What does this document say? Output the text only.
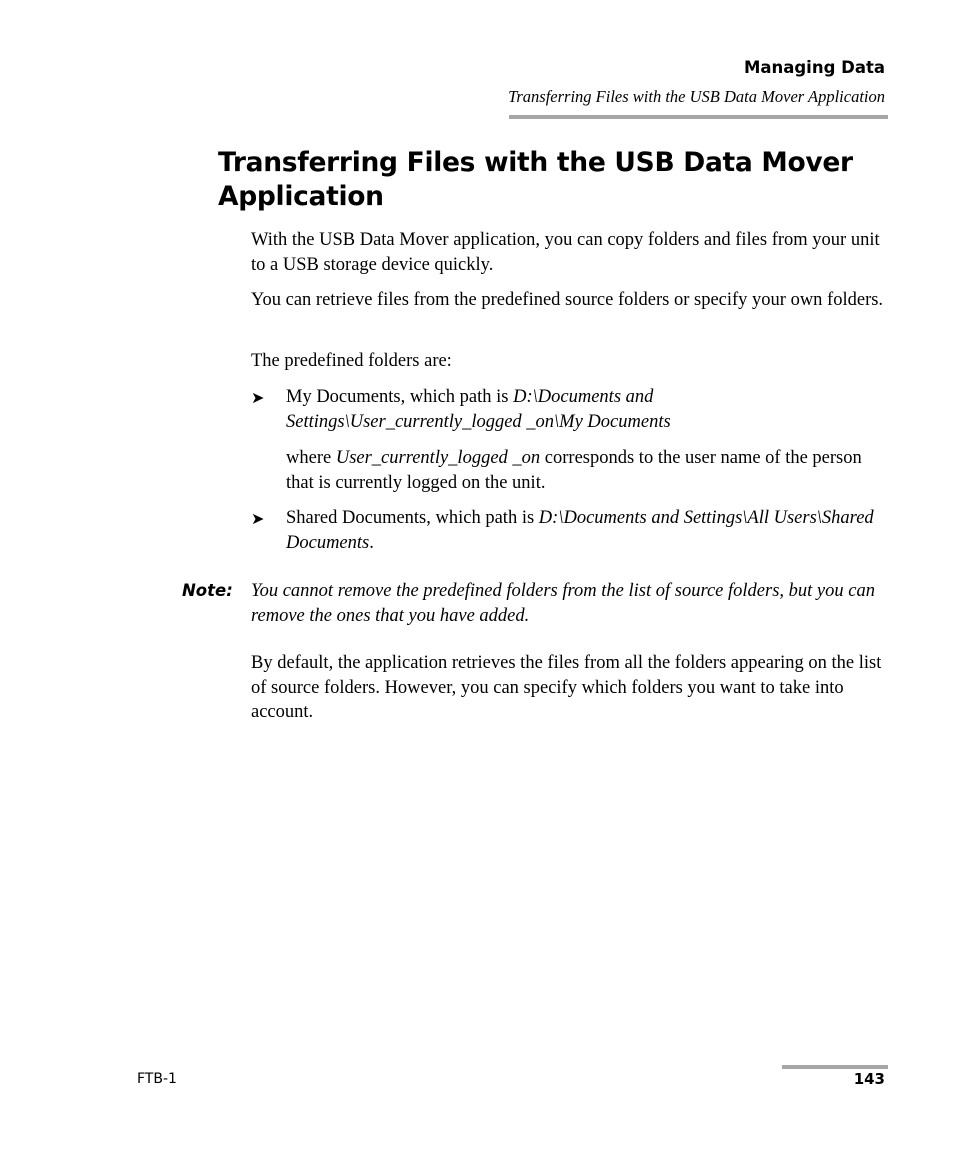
Managing Data
Transferring Files with the USB Data Mover Application
Transferring Files with the USB Data Mover Application

With the USB Data Mover application, you can copy folders and files from your unit to a USB storage device quickly.

You can retrieve files from the predefined source folders or specify your own folders.

The predefined folders are:

➤ My Documents, which path is D:\Documents and Settings\User_currently_logged _on\My Documents

where User_currently_logged _on corresponds to the user name of the person that is currently logged on the unit.

➤ Shared Documents, which path is D:\Documents and Settings\All Users\Shared Documents.

Note: You cannot remove the predefined folders from the list of source folders, but you can remove the ones that you have added.

By default, the application retrieves the files from all the folders appearing on the list of source folders. However, you can specify which folders you want to take into account.

FTB-1	143
